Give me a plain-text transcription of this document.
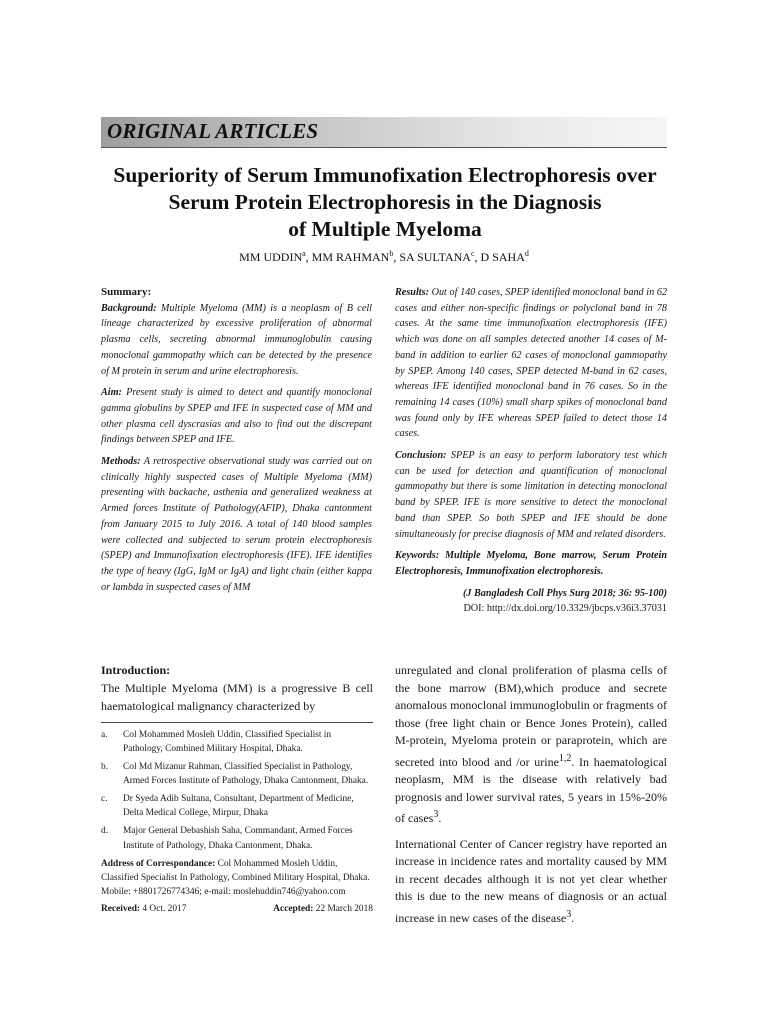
ORIGINAL ARTICLES
Superiority of Serum Immunofixation Electrophoresis over
Serum Protein Electrophoresis in the Diagnosis
of Multiple Myeloma
MM UDDIN$^a$, MM RAHMAN$^b$, SA SULTANA$^c$, D SAHA$^d$

Summary:

Background: Multiple Myeloma (MM) is a neoplasm of B cell lineage characterized by excessive proliferation of abnormal plasma cells, secreting abnormal immunoglobulin causing monoclonal gammopathy which can be detected by the presence of M protein in serum and urine electrophoresis.

Aim: Present study is aimed to detect and quantify monoclonal gamma globulins by SPEP and IFE in suspected case of MM and other plasma cell dyscrasias and also to find out the discrepant findings between SPEP and IFE.

Methods: A retrospective observational study was carried out on clinically highly suspected cases of Multiple Myeloma (MM) presenting with backache, asthenia and generalized weakness at Armed forces Institute of Pathology(AFIP), Dhaka cantonment from January 2015 to July 2016. A total of 140 blood samples were collected and subjected to serum protein electrophoresis (SPEP) and Immunofixation electrophoresis (IFE). IFE identifies the type of heavy (IgG, IgM or IgA) and light chain (either kappa or lambda in suspected cases of MM

Results: Out of 140 cases, SPEP identified monoclonal band in 62 cases and either non-specific findings or polyclonal band in 78 cases. At the same time immunofixation electrophoresis (IFE) which was done on all samples detected another 14 cases of M-band in addition to earlier 62 cases of monoclonal gammopathy by SPEP. Among 140 cases, SPEP detected M-band in 62 cases, whereas IFE identified monoclonal band in 76 cases. So in the remaining 14 cases (10%) small sharp spikes of monoclonal band was found only by IFE whereas SPEP failed to detect those 14 cases.

Conclusion: SPEP is an easy to perform laboratory test which can be used for detection and quantification of monoclonal gammopathy but there is some limitation in detecting monoclonal band by SPEP. IFE is more sensitive to detect the monoclonal band than SPEP. So both SPEP and IFE should be done simultaneously for precise diagnosis of MM and related disorders.

Keywords: Multiple Myeloma, Bone marrow, Serum Protein Electrophoresis, Immunofixation electrophoresis.

(J Bangladesh Coll Phys Surg 2018; 36: 95-100)

DOI: http://dx.doi.org/10.3329/jbcps.v36i3.37031

Introduction:

The Multiple Myeloma (MM) is a progressive B cell haematological malignancy characterized by

a. Col Mohammed Mosleh Uddin, Classified Specialist in Pathology, Combined Military Hospital, Dhaka.
b. Col Md Mizanur Rahman, Classified Specialist in Pathology, Armed Forces Institute of Pathology, Dhaka Cantonment, Dhaka.
c. Dr Syeda Adib Sultana, Consultant, Department of Medicine, Delta Medical College, Mirpur, Dhaka
d. Major General Debashish Saha, Commandant, Armed Forces Institute of Pathology, Dhaka Cantonment, Dhaka.
Address of Correspondance: Col Mohammed Mosleh Uddin, Classified Specialist In Pathology, Combined Military Hospital, Dhaka. Mobile: +8801726774346; e-mail: moslehuddin746@yahoo.com
Received: 4 Oct. 2017	Accepted: 22 March 2018

unregulated and clonal proliferation of plasma cells of the bone marrow (BM),which produce and secrete anomalous monoclonal immunoglobulin or fragments of those (free light chain or Bence Jones Protein), called M-protein, Myeloma protein or paraprotein, which are secreted into blood and /or urine$^{1,2}$. In haematological neoplasm, MM is the disease with relatively bad prognosis and lower survival rates, 5 years in 15%-20% of cases$^3$.

International Center of Cancer registry have reported an increase in incidence rates and mortality caused by MM in recent decades although it is not yet clear whether this is due to the new means of diagnosis or an actual increase in new cases of the disease$^3$.
